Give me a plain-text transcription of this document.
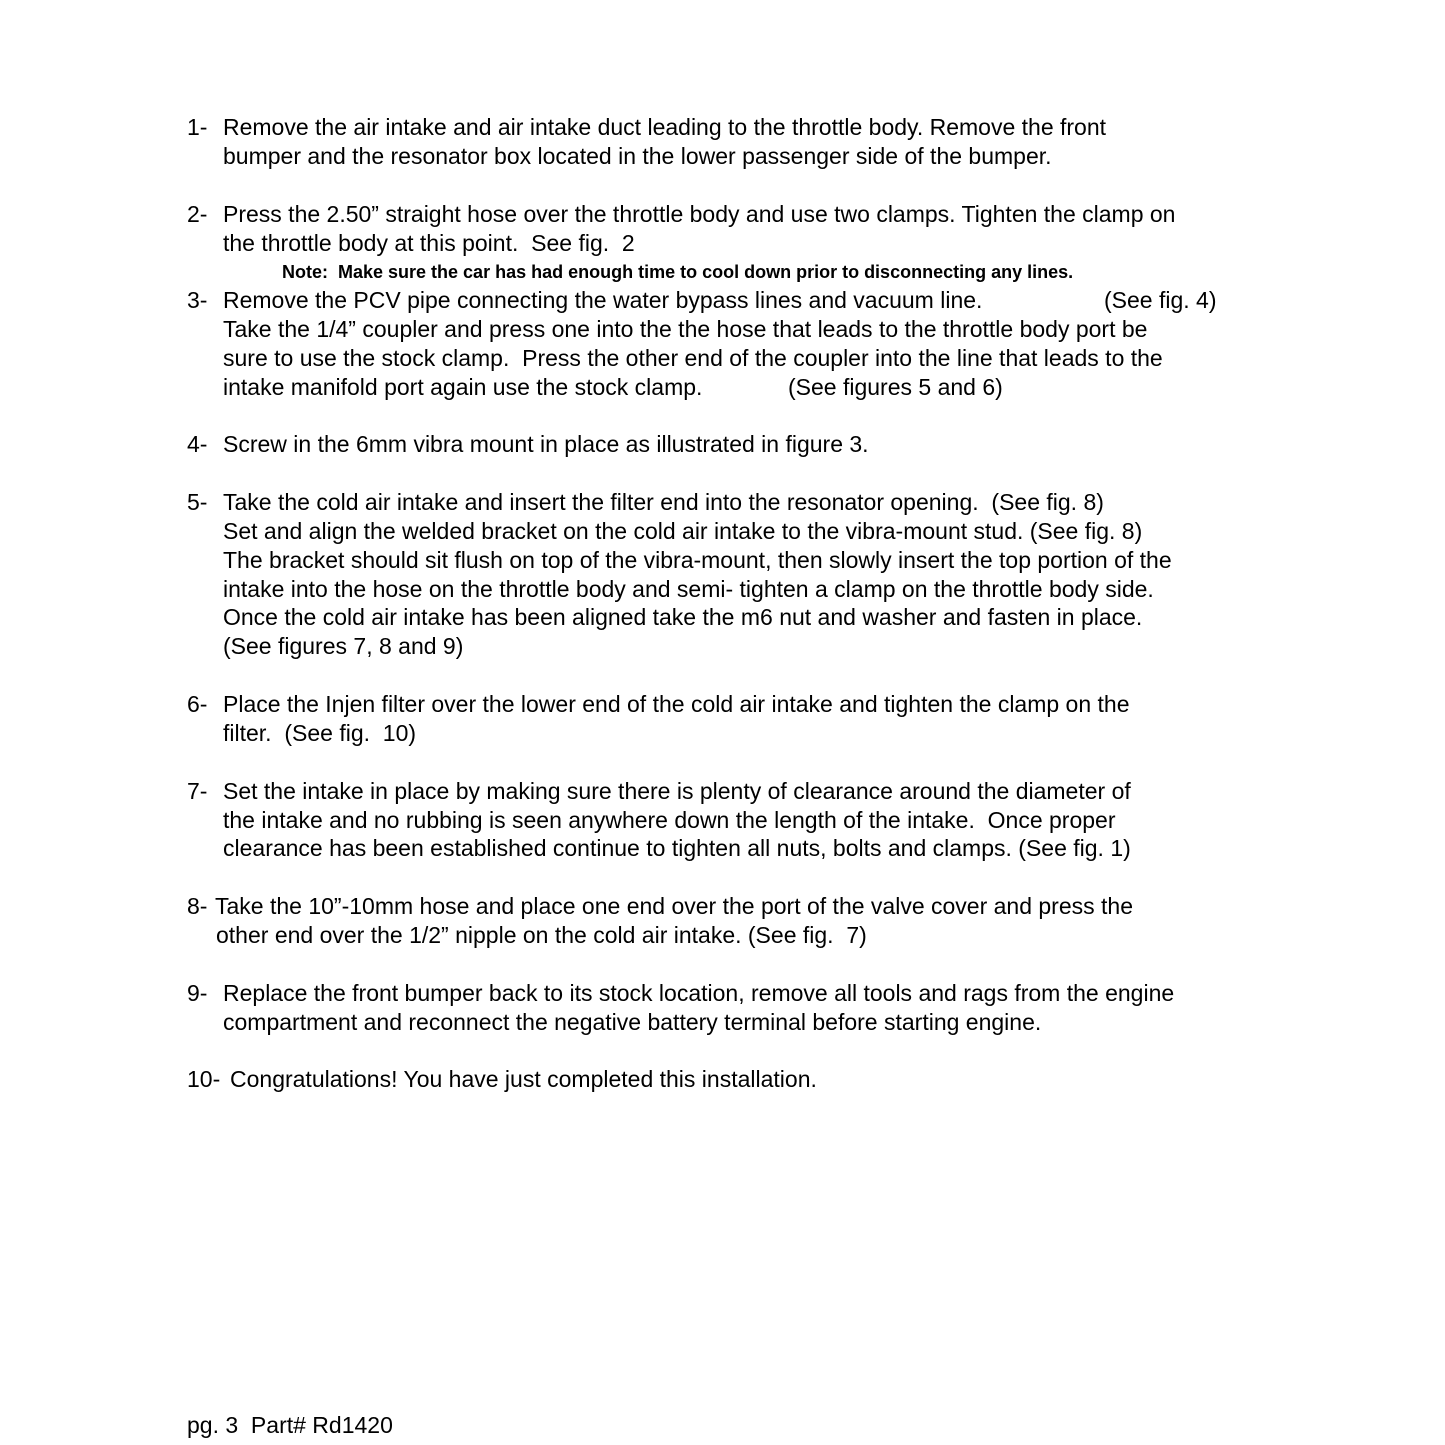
1- Remove the air intake and air intake duct leading to the throttle body. Remove the front
bumper and the resonator box located in the lower passenger side of the bumper.
2- Press the 2.50” straight hose over the throttle body and use two clamps. Tighten the clamp on
the throttle body at this point.  See fig.  2
Note:  Make sure the car has had enough time to cool down prior to disconnecting any lines.
3- Remove the PCV pipe connecting the water bypass lines and vacuum line.	(See fig. 4)
Take the 1/4” coupler and press one into the the hose that leads to the throttle body port be
sure to use the stock clamp.  Press the other end of the coupler into the line that leads to the
intake manifold port again use the stock clamp.	(See figures 5 and 6)
4- Screw in the 6mm vibra mount in place as illustrated in figure 3.
5- Take the cold air intake and insert the filter end into the resonator opening.  (See fig. 8)
Set and align the welded bracket on the cold air intake to the vibra-mount stud. (See fig. 8)
The bracket should sit flush on top of the vibra-mount, then slowly insert the top portion of the
intake into the hose on the throttle body and semi- tighten a clamp on the throttle body side.
Once the cold air intake has been aligned take the m6 nut and washer and fasten in place.
(See figures 7, 8 and 9)
6- Place the Injen filter over the lower end of the cold air intake and tighten the clamp on the
filter.  (See fig.  10)
7- Set the intake in place by making sure there is plenty of clearance around the diameter of
the intake and no rubbing is seen anywhere down the length of the intake.  Once proper
clearance has been established continue to tighten all nuts, bolts and clamps. (See fig. 1)
8- Take the 10”-10mm hose and place one end over the port of the valve cover and press the
other end over the 1/2” nipple on the cold air intake. (See fig.  7)
9- Replace the front bumper back to its stock location, remove all tools and rags from the engine
compartment and reconnect the negative battery terminal before starting engine.
10- Congratulations! You have just completed this installation.
pg. 3  Part# Rd1420
